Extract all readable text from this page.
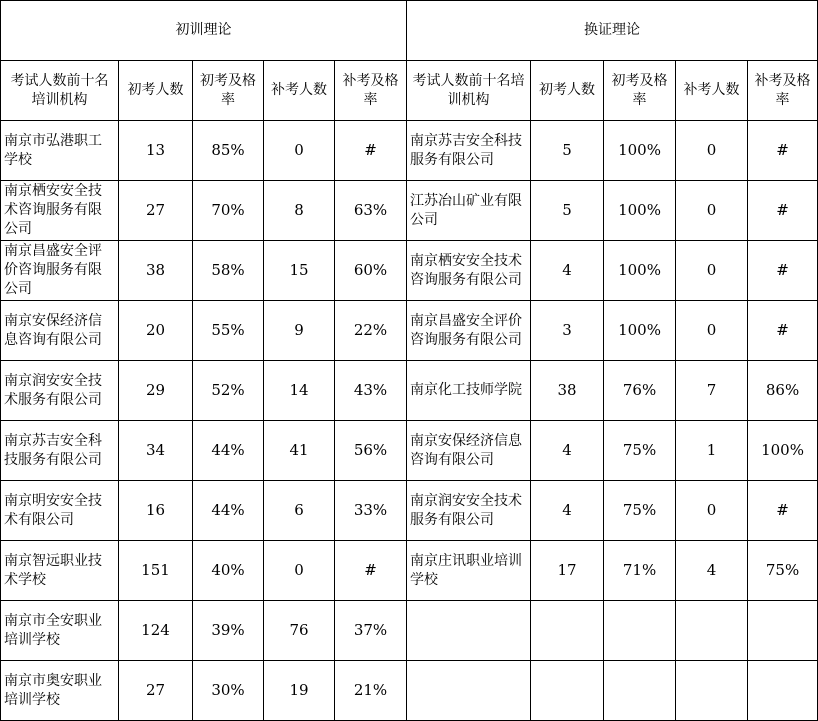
初训理论					换证理论				
考试人数前十名培训机构	初考人数	初考及格率	补考人数	补考及格率	考试人数前十名培训机构	初考人数	初考及格率	补考人数	补考及格率
南京市弘港职工学校	13	85%	0	#	南京苏吉安全科技服务有限公司	5	100%	0	#
南京栖安安全技术咨询服务有限公司	27	70%	8	63%	江苏冶山矿业有限公司	5	100%	0	#
南京昌盛安全评价咨询服务有限公司	38	58%	15	60%	南京栖安安全技术咨询服务有限公司	4	100%	0	#
南京安保经济信息咨询有限公司	20	55%	9	22%	南京昌盛安全评价咨询服务有限公司	3	100%	0	#
南京润安安全技术服务有限公司	29	52%	14	43%	南京化工技师学院	38	76%	7	86%
南京苏吉安全科技服务有限公司	34	44%	41	56%	南京安保经济信息咨询有限公司	4	75%	1	100%
南京明安安全技术有限公司	16	44%	6	33%	南京润安安全技术服务有限公司	4	75%	0	#
南京智远职业技术学校	151	40%	0	#	南京庄讯职业培训学校	17	71%	4	75%
南京市全安职业培训学校	124	39%	76	37%					
南京市奥安职业培训学校	27	30%	19	21%					
